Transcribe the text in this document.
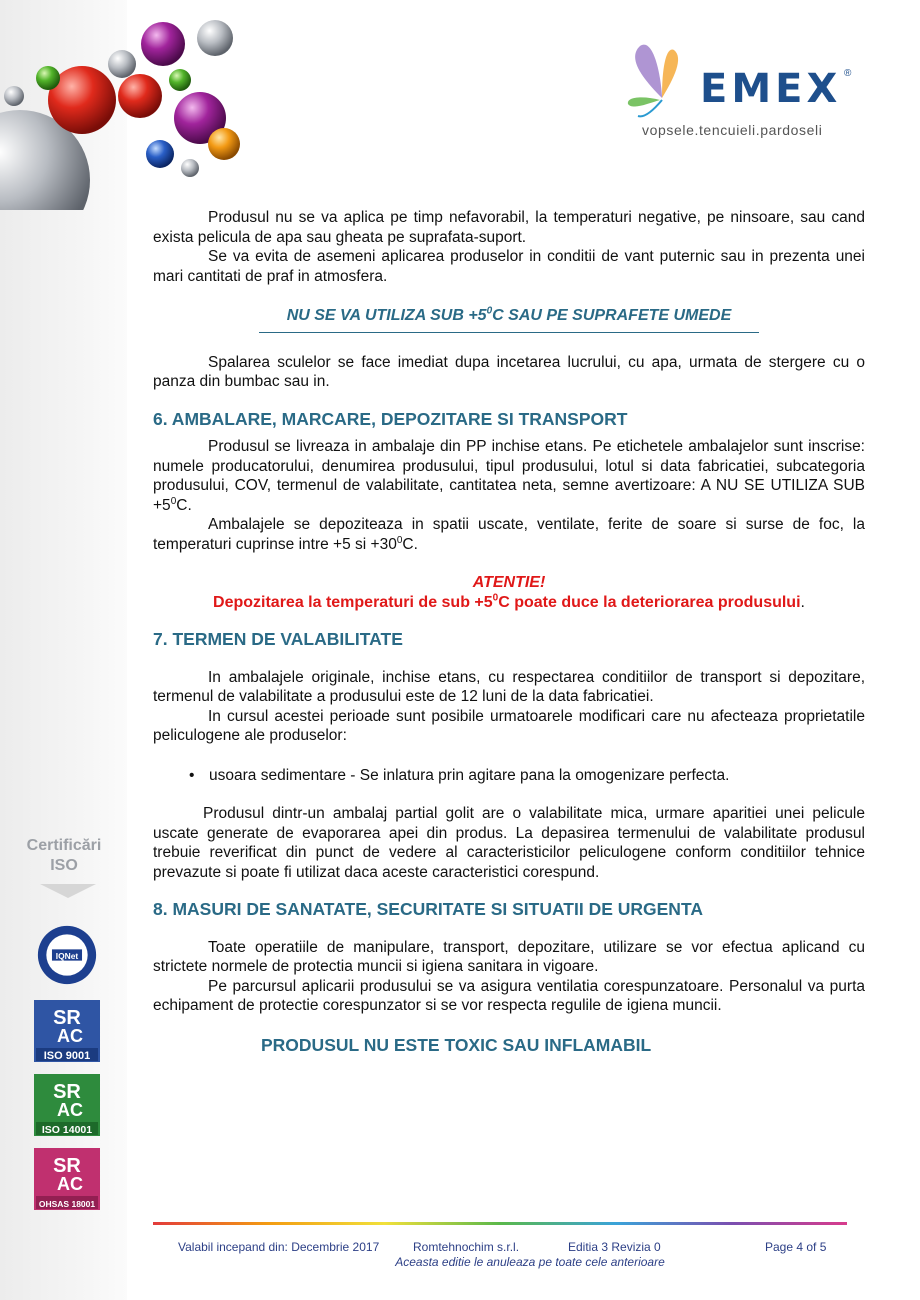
EMEX ®
vopsele.tencuieli.pardoseli
Certificări ISO
IQNet
SR
AC
ISO 9001
SR
AC
ISO 14001
SR
AC
OHSAS 18001

Produsul nu se va aplica pe timp nefavorabil, la temperaturi negative, pe ninsoare, sau cand exista pelicula de apa sau gheata pe suprafata-suport.

Se va evita de asemeni aplicarea produselor in conditii de vant puternic sau in prezenta unei mari cantitati de praf in atmosfera.

NU SE VA UTILIZA SUB $+5^0C$ SAU PE SUPRAFETE UMEDE

Spalarea sculelor se face imediat dupa incetarea lucrului, cu apa, urmata de stergere cu o panza din bumbac sau in.

6. AMBALARE, MARCARE, DEPOZITARE SI TRANSPORT

Produsul se livreaza in ambalaje din PP inchise etans. Pe etichetele ambalajelor sunt inscrise: numele producatorului, denumirea produsului, tipul produsului, lotul si data fabricatiei, subcategoria produsului, COV, termenul de valabilitate, cantitatea neta, semne avertizoare: A NU SE UTILIZA SUB $+5^0C$.

Ambalajele se depoziteaza in spatii uscate, ventilate, ferite de soare si surse de foc, la temperaturi cuprinse intre +5 si $+30^0C$.

ATENTIE!
Depozitarea la temperaturi de sub $+5^0C$ poate duce la deteriorarea produsului.

7. TERMEN DE VALABILITATE

In ambalajele originale, inchise etans, cu respectarea conditiilor de transport si depozitare, termenul de valabilitate a produsului este de 12 luni de la data fabricatiei.

In cursul acestei perioade sunt posibile urmatoarele modificari care nu afecteaza proprietatile peliculogene ale produselor:

• usoara sedimentare - Se inlatura prin agitare pana la omogenizare perfecta.

Produsul dintr-un ambalaj partial golit are o valabilitate mica, urmare aparitiei unei pelicule uscate generate de evaporarea apei din produs. La depasirea termenului de valabilitate produsul trebuie reverificat din punct de vedere al caracteristicilor peliculogene conform conditiilor tehnice prevazute si poate fi utilizat daca aceste caracteristici corespund.

8. MASURI DE SANATATE, SECURITATE SI SITUATII DE URGENTA

Toate operatiile de manipulare, transport, depozitare, utilizare se vor efectua aplicand cu strictete normele de protectia muncii si igiena sanitara in vigoare.

Pe parcursul aplicarii produsului se va asigura ventilatia corespunzatoare. Personalul va purta echipament de protectie corespunzator si se vor respecta regulile de igiena muncii.

PRODUSUL NU ESTE TOXIC SAU INFLAMABIL
Valabil incepand din: Decembrie 2017	Romtehnochim s.r.l.	Editia 3 Revizia 0	Page 4 of 5
Aceasta editie le anuleaza pe toate cele anterioare
